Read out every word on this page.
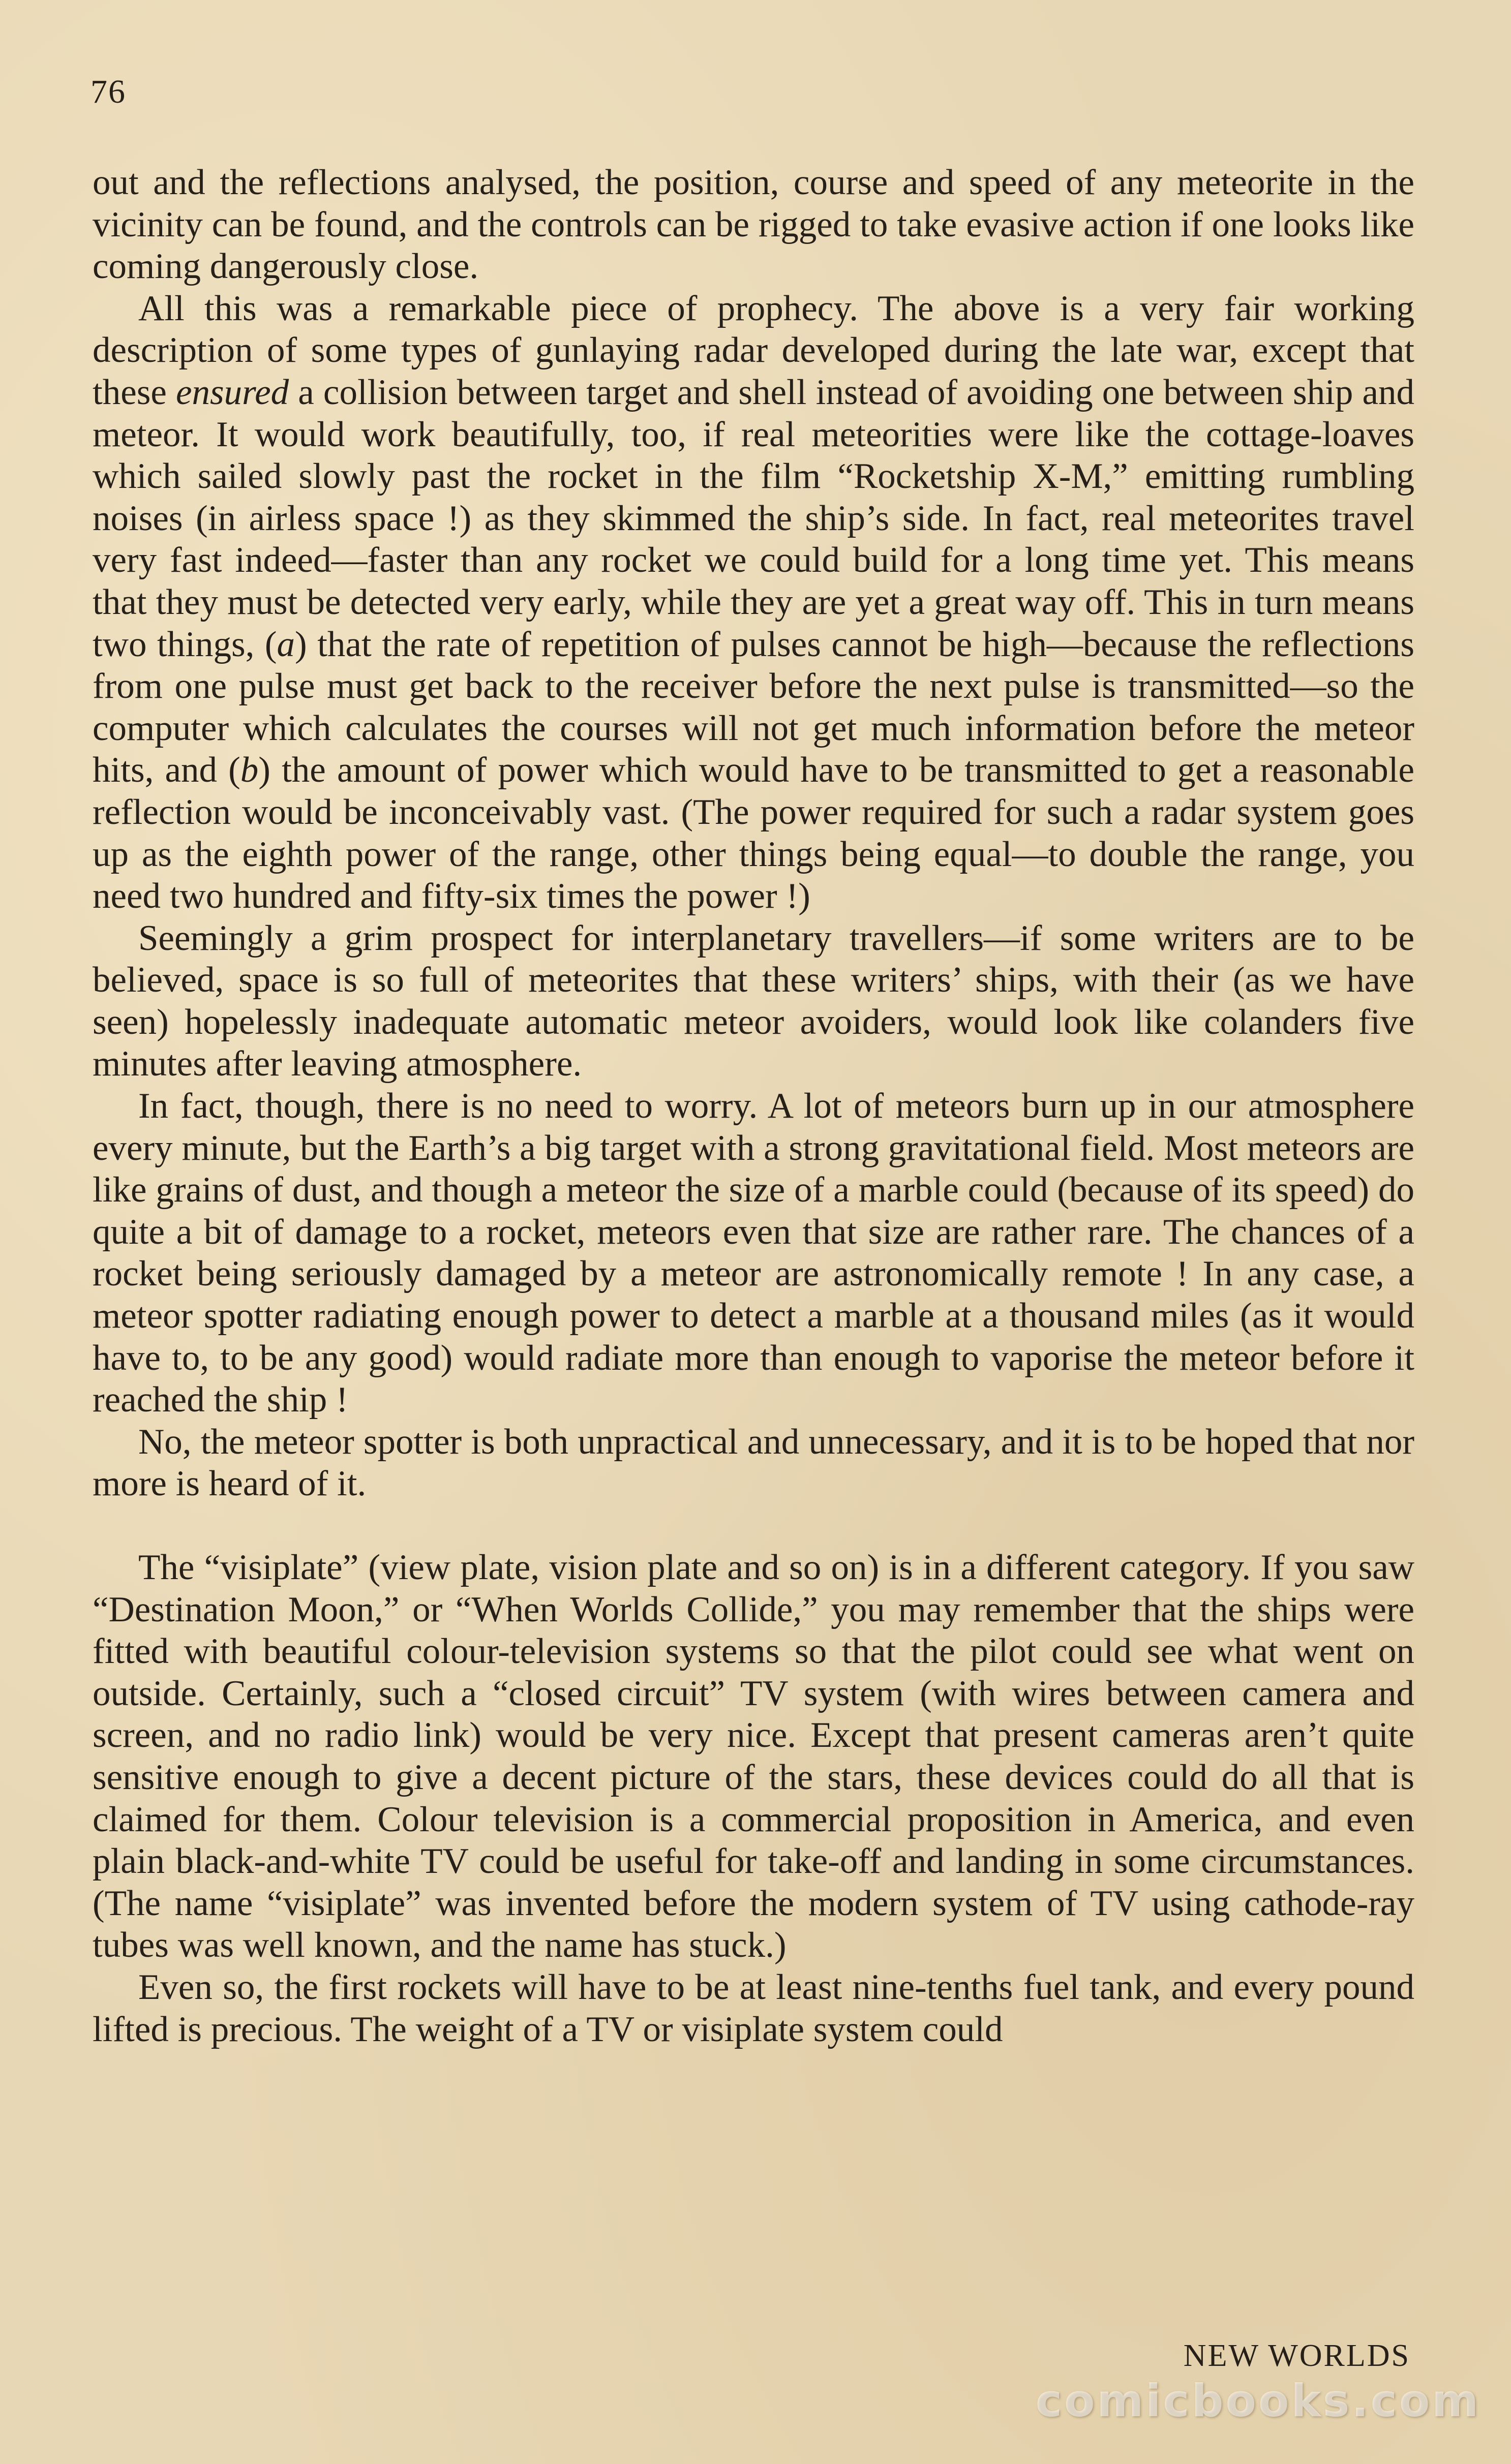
76

out and the reflections analysed, the position, course and speed of any meteorite in the vicinity can be found, and the controls can be rigged to take evasive action if one looks like coming dangerously close.

All this was a remarkable piece of prophecy. The above is a very fair working description of some types of gunlaying radar developed during the late war, except that these ensured a collision between target and shell instead of avoiding one between ship and meteor. It would work beautifully, too, if real meteorities were like the cottage-loaves which sailed slowly past the rocket in the film “Rocketship X-M,” emitting rumbling noises (in airless space !) as they skimmed the ship’s side. In fact, real meteorites travel very fast indeed—faster than any rocket we could build for a long time yet. This means that they must be detected very early, while they are yet a great way off. This in turn means two things, (a) that the rate of repetition of pulses cannot be high—because the reflections from one pulse must get back to the receiver before the next pulse is transmitted—so the computer which calculates the courses will not get much information before the meteor hits, and (b) the amount of power which would have to be transmitted to get a reasonable reflection would be inconceivably vast. (The power required for such a radar system goes up as the eighth power of the range, other things being equal—to double the range, you need two hundred and fifty-six times the power !)

Seemingly a grim prospect for interplanetary travellers—if some writers are to be believed, space is so full of meteorites that these writers’ ships, with their (as we have seen) hopelessly inadequate automatic meteor avoiders, would look like colanders five minutes after leaving atmosphere.

In fact, though, there is no need to worry. A lot of meteors burn up in our atmosphere every minute, but the Earth’s a big target with a strong gravitational field. Most meteors are like grains of dust, and though a meteor the size of a marble could (because of its speed) do quite a bit of damage to a rocket, meteors even that size are rather rare. The chances of a rocket being seriously damaged by a meteor are astronomically remote ! In any case, a meteor spotter radiating enough power to detect a marble at a thousand miles (as it would have to, to be any good) would radiate more than enough to vaporise the meteor before it reached the ship !

No, the meteor spotter is both unpractical and unnecessary, and it is to be hoped that nor more is heard of it.

The “visiplate” (view plate, vision plate and so on) is in a different category. If you saw “Destination Moon,” or “When Worlds Collide,” you may remember that the ships were fitted with beautiful colour-television systems so that the pilot could see what went on outside. Certainly, such a “closed circuit” TV system (with wires between camera and screen, and no radio link) would be very nice. Except that present cameras aren’t quite sensitive enough to give a decent picture of the stars, these devices could do all that is claimed for them. Colour television is a commercial proposition in America, and even plain black-and-white TV could be useful for take-off and landing in some circumstances. (The name “visiplate” was invented before the modern system of TV using cathode-ray tubes was well known, and the name has stuck.)

Even so, the first rockets will have to be at least nine-tenths fuel tank, and every pound lifted is precious. The weight of a TV or visiplate system could

NEW WORLDS
comicbooks.com
